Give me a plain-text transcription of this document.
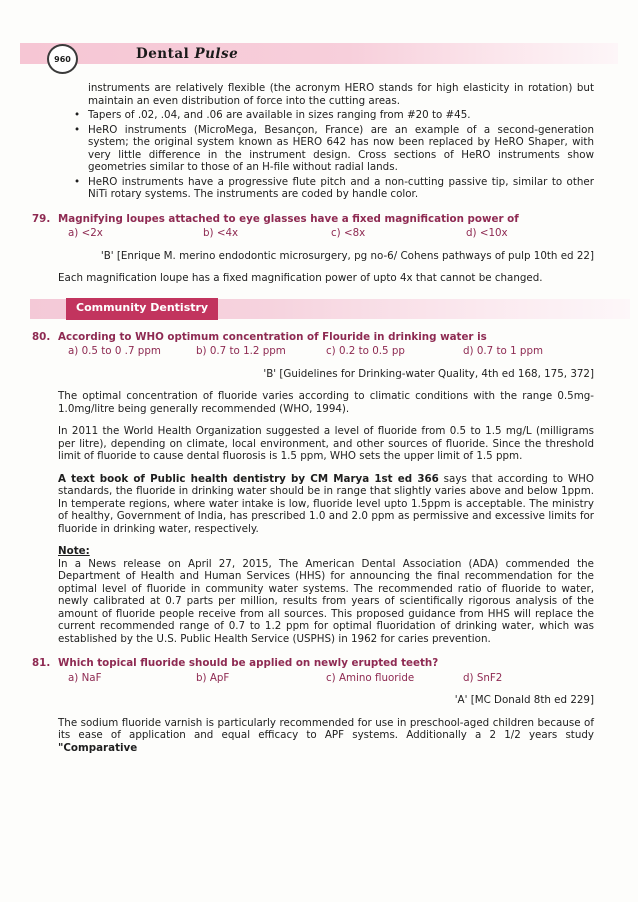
960	Dental Pulse

instruments are relatively flexible (the acronym HERO stands for high elasticity in rotation) but maintain an even distribution of force into the cutting areas.

• Tapers of .02, .04, and .06 are available in sizes ranging from #20 to #45.
• HeRO instruments (MicroMega, Besançon, France) are an example of a second-generation system; the original system known as HERO 642 has now been replaced by HeRO Shaper, with very little difference in the instrument design. Cross sections of HeRO instruments show geometries similar to those of an H-file without radial lands.
• HeRO instruments have a progressive flute pitch and a non-cutting passive tip, similar to other NiTi rotary systems. The instruments are coded by handle color.

79. Magnifying loupes attached to eye glasses have a fixed magnification power of

a) <2x	b) <4x	c) <8x	d) <10x

'B' [Enrique M. merino endodontic microsurgery, pg no-6/ Cohens pathways of pulp 10th ed 22]

Each magnification loupe has a fixed magnification power of upto 4x that cannot be changed.

Community Dentistry

80. According to WHO optimum concentration of Flouride in drinking water is

a) 0.5 to 0 .7 ppm	b) 0.7 to 1.2 ppm	c) 0.2 to 0.5 pp	d) 0.7 to 1 ppm

'B' [Guidelines for Drinking-water Quality, 4th ed 168, 175, 372]

The optimal concentration of fluoride varies according to climatic conditions with the range 0.5mg-1.0mg/litre being generally recommended (WHO, 1994).

In 2011 the World Health Organization suggested a level of fluoride from 0.5 to 1.5 mg/L (milligrams per litre), depending on climate, local environment, and other sources of fluoride. Since the threshold limit of fluoride to cause dental fluorosis is 1.5 ppm, WHO sets the upper limit of 1.5 ppm.

A text book of Public health dentistry by CM Marya 1st ed 366 says that according to WHO standards, the fluoride in drinking water should be in range that slightly varies above and below 1ppm. In temperate regions, where water intake is low, fluoride level upto 1.5ppm is acceptable. The ministry of healthy, Government of India, has prescribed 1.0 and 2.0 ppm as permissive and excessive limits for fluoride in drinking water, respectively.

Note:

In a News release on April 27, 2015, The American Dental Association (ADA) commended the Department of Health and Human Services (HHS) for announcing the final recommendation for the optimal level of fluoride in community water systems. The recommended ratio of fluoride to water, newly calibrated at 0.7 parts per million, results from years of scientifically rigorous analysis of the amount of fluoride people receive from all sources. This proposed guidance from HHS will replace the current recommended range of 0.7 to 1.2 ppm for optimal fluoridation of drinking water, which was established by the U.S. Public Health Service (USPHS) in 1962 for caries prevention.

81. Which topical fluoride should be applied on newly erupted teeth?

a) NaF	b) ApF	c) Amino fluoride	d) SnF2

'A' [MC Donald 8th ed 229]

The sodium fluoride varnish is particularly recommended for use in preschool-aged children because of its ease of application and equal efficacy to APF systems. Additionally a 2 1/2 years study "Comparative
